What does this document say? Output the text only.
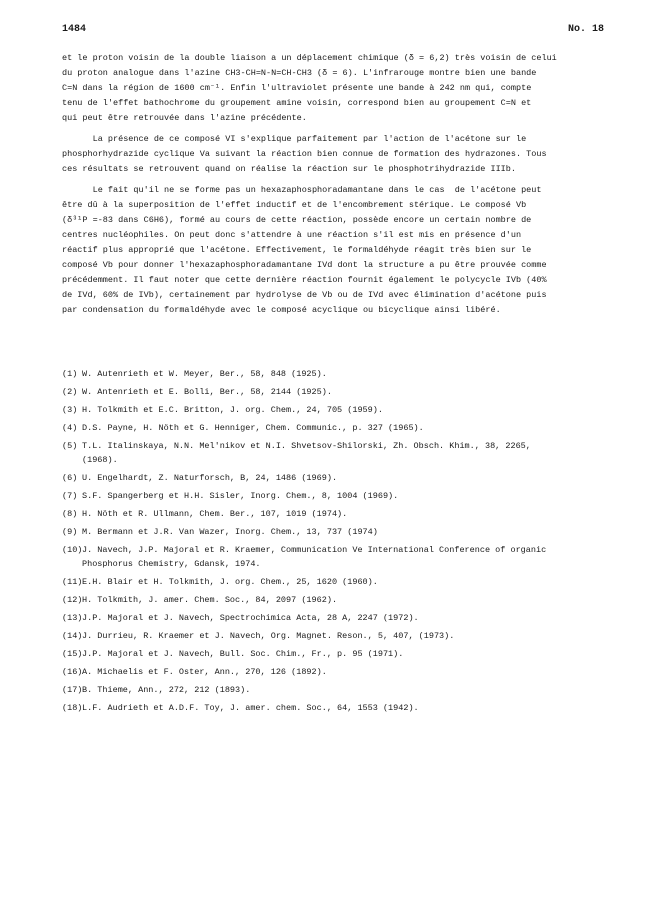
1484	No. 18
et le proton voisin de la double liaison a un déplacement chimique (δ = 6,2) très voisin de celui
du proton analogue dans l'azine CH3-CH=N-N=CH-CH3 (δ = 6). L'infrarouge montre bien une bande
C=N dans la région de 1600 cm⁻¹. Enfin l'ultraviolet présente une bande à 242 nm qui, compte
tenu de l'effet bathochrome du groupement amine voisin, correspond bien au groupement C=N et
qui peut être retrouvée dans l'azine précédente.
La présence de ce composé VI s'explique parfaitement par l'action de l'acétone sur le
phosphorhydrazide cyclique Va suivant la réaction bien connue de formation des hydrazones. Tous
ces résultats se retrouvent quand on réalise la réaction sur le phosphotrihydrazide IIIb.
Le fait qu'il ne se forme pas un hexazaphosphoradamantane dans le cas  de l'acétone peut
être dû à la superposition de l'effet inductif et de l'encombrement stérique. Le composé Vb
(δ³¹P =-83 dans C6H6), formé au cours de cette réaction, possède encore un certain nombre de
centres nucléophiles. On peut donc s'attendre à une réaction s'il est mis en présence d'un
réactif plus approprié que l'acétone. Effectivement, le formaldéhyde réagit très bien sur le
composé Vb pour donner l'hexazaphosphoradamantane IVd dont la structure a pu être prouvée comme
précédemment. Il faut noter que cette dernière réaction fournit également le polycycle IVb (40%
de IVd, 60% de IVb), certainement par hydrolyse de Vb ou de IVd avec élimination d'acétone puis
par condensation du formaldéhyde avec le composé acyclique ou bicyclique ainsi libéré.
(1) W. Autenrieth et W. Meyer, Ber., 58, 848 (1925).
(2) W. Antenrieth et E. Bolli, Ber., 58, 2144 (1925).
(3) H. Tolkmith et E.C. Britton, J. org. Chem., 24, 705 (1959).
(4) D.S. Payne, H. Nöth et G. Henniger, Chem. Communic., p. 327 (1965).
(5) T.L. Italinskaya, N.N. Mel'nikov et N.I. Shvetsov-Shilorski, Zh. Obsch. Khim., 38, 2265,
(1968).
(6) U. Engelhardt, Z. Naturforsch, B, 24, 1486 (1969).
(7) S.F. Spangerberg et H.H. Sisler, Inorg. Chem., 8, 1004 (1969).
(8) H. Nöth et R. Ullmann, Chem. Ber., 107, 1019 (1974).
(9) M. Bermann et J.R. Van Wazer, Inorg. Chem., 13, 737 (1974)
(10) J. Navech, J.P. Majoral et R. Kraemer, Communication Ve International Conference of organic
Phosphorus Chemistry, Gdansk, 1974.
(11) E.H. Blair et H. Tolkmith, J. org. Chem., 25, 1620 (1960).
(12) H. Tolkmith, J. amer. Chem. Soc., 84, 2097 (1962).
(13) J.P. Majoral et J. Navech, Spectrochimica Acta, 28 A, 2247 (1972).
(14) J. Durrieu, R. Kraemer et J. Navech, Org. Magnet. Reson., 5, 407, (1973).
(15) J.P. Majoral et J. Navech, Bull. Soc. Chim., Fr., p. 95 (1971).
(16) A. Michaelis et F. Oster, Ann., 270, 126 (1892).
(17) B. Thieme, Ann., 272, 212 (1893).
(18) L.F. Audrieth et A.D.F. Toy, J. amer. chem. Soc., 64, 1553 (1942).
